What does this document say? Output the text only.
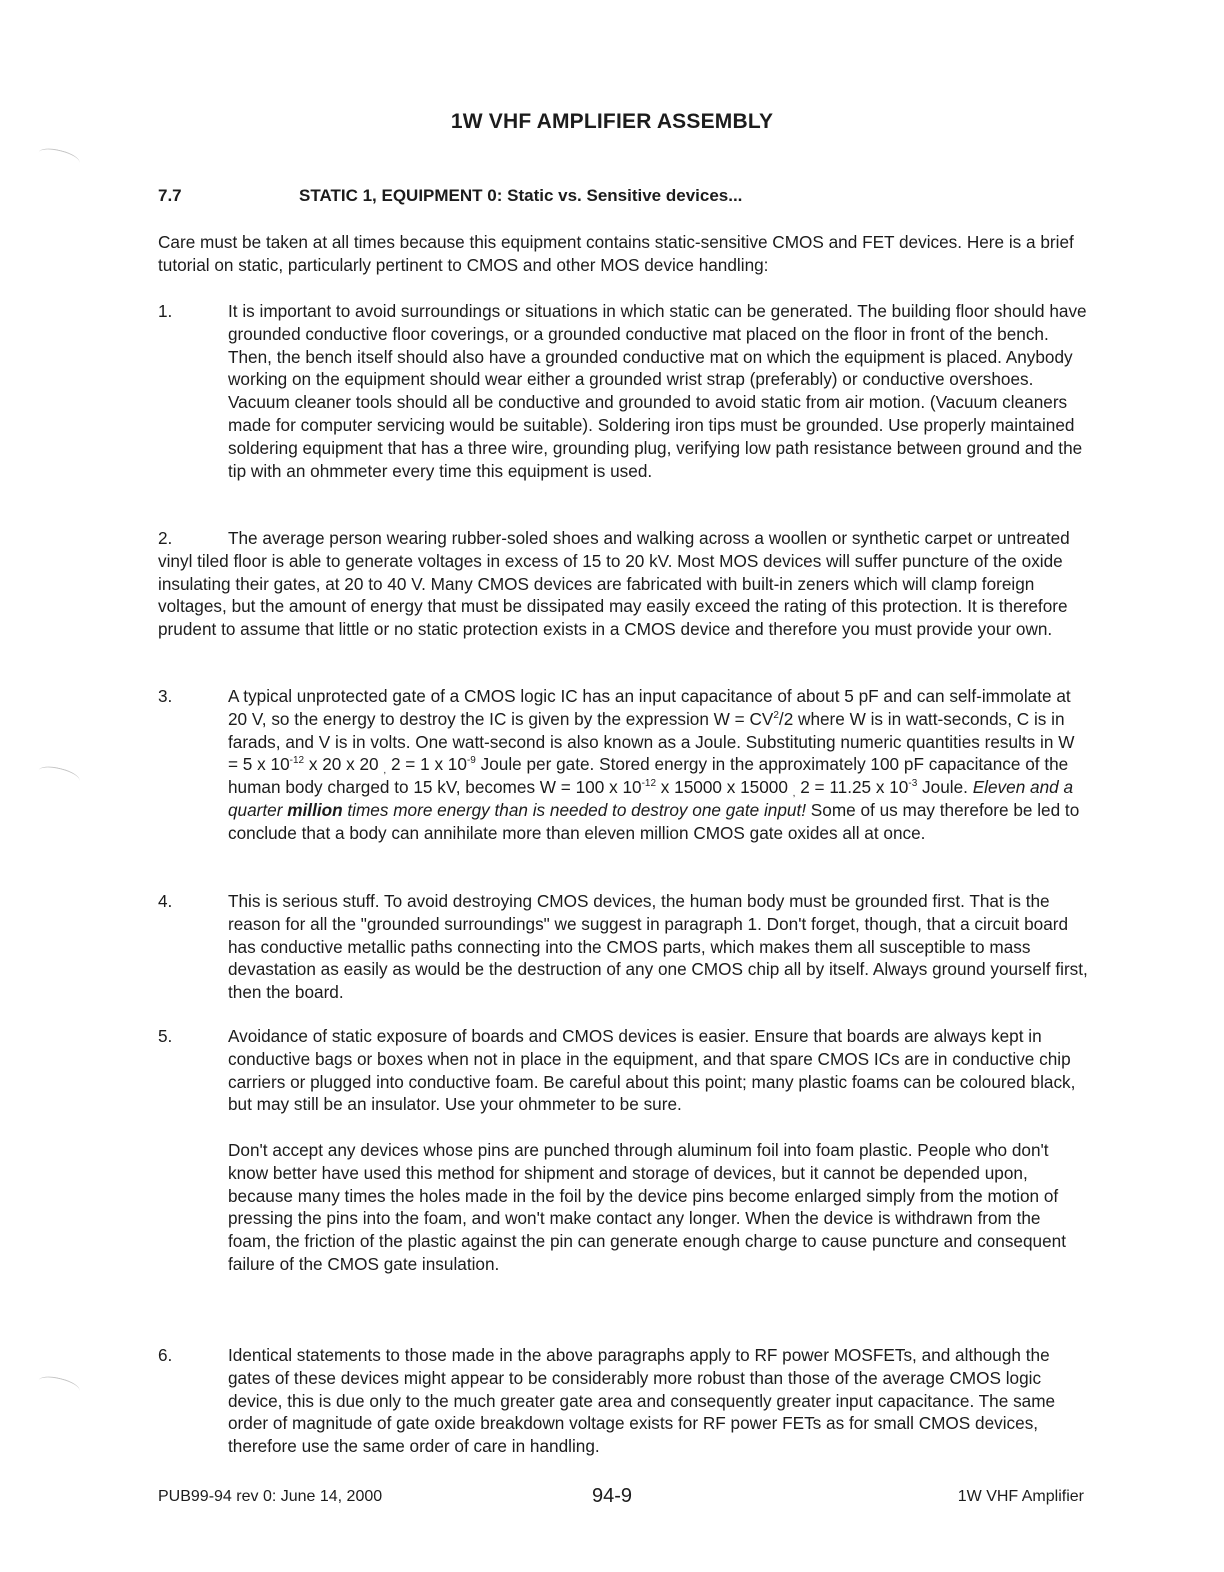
1W VHF AMPLIFIER ASSEMBLY
7.7	STATIC 1, EQUIPMENT 0: Static vs. Sensitive devices...
Care must be taken at all times because this equipment contains static-sensitive CMOS and FET devices. Here is a brief tutorial on static, particularly pertinent to CMOS and other MOS device handling:
1.	It is important to avoid surroundings or situations in which static can be generated. The building floor should have grounded conductive floor coverings, or a grounded conductive mat placed on the floor in front of the bench. Then, the bench itself should also have a grounded conductive mat on which the equipment is placed. Anybody working on the equipment should wear either a grounded wrist strap (preferably) or conductive overshoes. Vacuum cleaner tools should all be conductive and grounded to avoid static from air motion. (Vacuum cleaners made for computer servicing would be suitable). Soldering iron tips must be grounded. Use properly maintained soldering equipment that has a three wire, grounding plug, verifying low path resistance between ground and the tip with an ohmmeter every time this equipment is used.
2.	The average person wearing rubber-soled shoes and walking across a woollen or synthetic carpet or untreated vinyl tiled floor is able to generate voltages in excess of 15 to 20 kV. Most MOS devices will suffer puncture of the oxide insulating their gates, at 20 to 40 V. Many CMOS devices are fabricated with built-in zeners which will clamp foreign voltages, but the amount of energy that must be dissipated may easily exceed the rating of this protection. It is therefore prudent to assume that little or no static protection exists in a CMOS device and therefore you must provide your own.
3.	A typical unprotected gate of a CMOS logic IC has an input capacitance of about 5 pF and can self-immolate at 20 V, so the energy to destroy the IC is given by the expression $W = CV^2/2$ where W is in watt-seconds, C is in farads, and V is in volts. One watt-second is also known as a Joule. Substituting numeric quantities results in W = 5 x $10^{-12}$ x 20 x 20 $_,$ 2 = 1 x $10^{-9}$ Joule per gate. Stored energy in the approximately 100 pF capacitance of the human body charged to 15 kV, becomes W = 100 x $10^{-12}$ x 15000 x 15000 $_,$ 2 = 11.25 x $10^{-3}$ Joule. Eleven and a quarter million times more energy than is needed to destroy one gate input! Some of us may therefore be led to conclude that a body can annihilate more than eleven million CMOS gate oxides all at once.
4.	This is serious stuff. To avoid destroying CMOS devices, the human body must be grounded first. That is the reason for all the "grounded surroundings" we suggest in paragraph 1. Don't forget, though, that a circuit board has conductive metallic paths connecting into the CMOS parts, which makes them all susceptible to mass devastation as easily as would be the destruction of any one CMOS chip all by itself. Always ground yourself first, then the board.
5.	Avoidance of static exposure of boards and CMOS devices is easier. Ensure that boards are always kept in conductive bags or boxes when not in place in the equipment, and that spare CMOS ICs are in conductive chip carriers or plugged into conductive foam. Be careful about this point; many plastic foams can be coloured black, but may still be an insulator. Use your ohmmeter to be sure.
Don't accept any devices whose pins are punched through aluminum foil into foam plastic. People who don't know better have used this method for shipment and storage of devices, but it cannot be depended upon, because many times the holes made in the foil by the device pins become enlarged simply from the motion of pressing the pins into the foam, and won't make contact any longer. When the device is withdrawn from the foam, the friction of the plastic against the pin can generate enough charge to cause puncture and consequent failure of the CMOS gate insulation.
6.	Identical statements to those made in the above paragraphs apply to RF power MOSFETs, and although the gates of these devices might appear to be considerably more robust than those of the average CMOS logic device, this is due only to the much greater gate area and consequently greater input capacitance. The same order of magnitude of gate oxide breakdown voltage exists for RF power FETs as for small CMOS devices, therefore use the same order of care in handling.
PUB99-94 rev 0: June 14, 2000	94-9	1W VHF Amplifier
